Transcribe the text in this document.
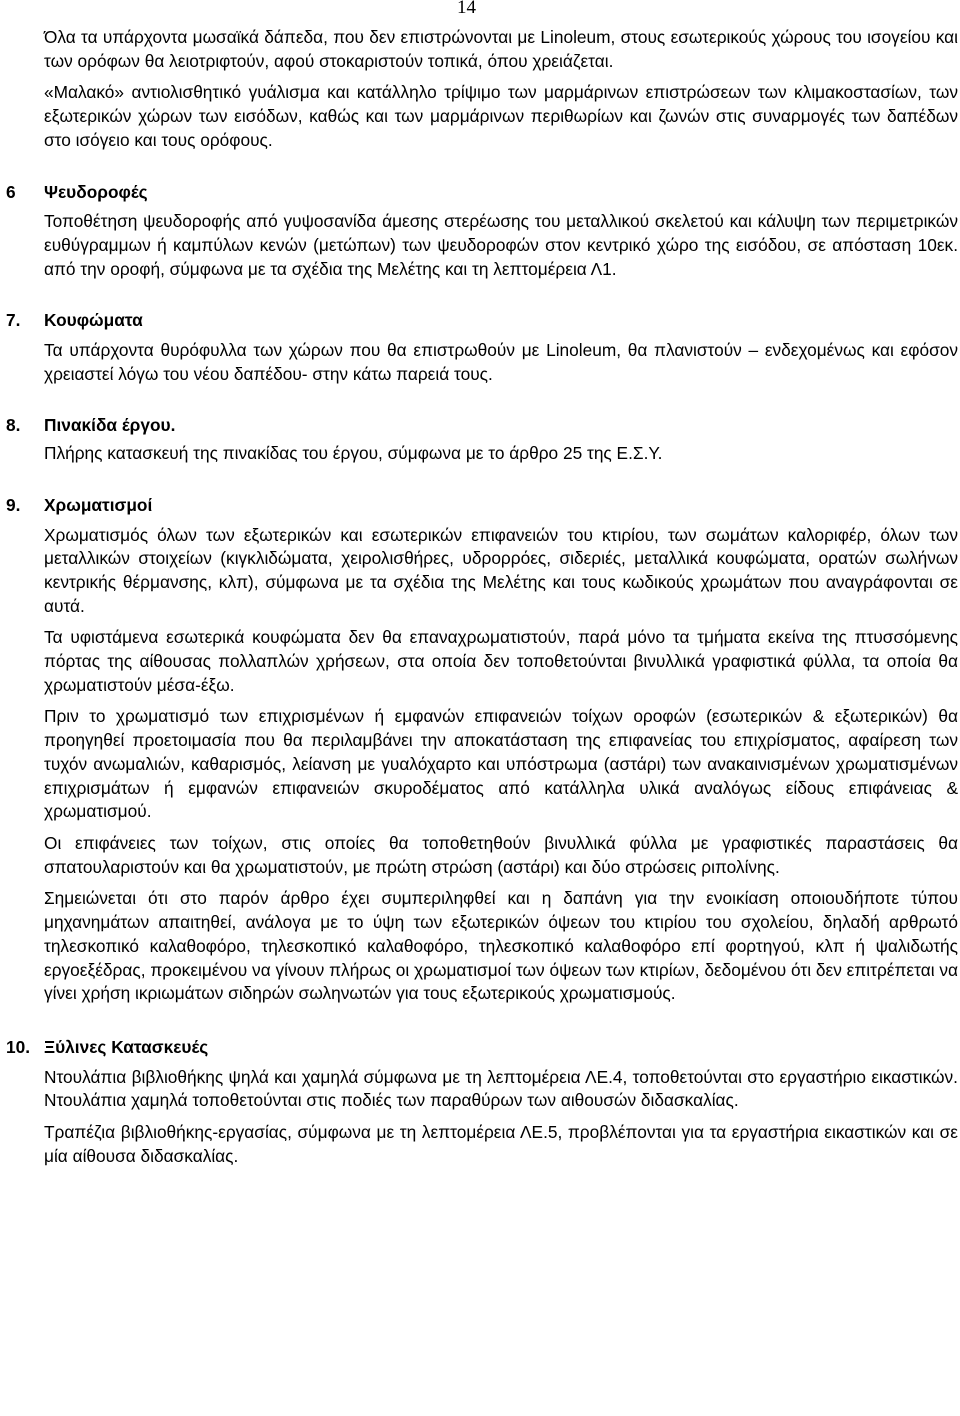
14

Όλα τα υπάρχοντα μωσαϊκά δάπεδα, που δεν επιστρώνονται με Linoleum, στους εσωτερικούς χώρους του ισογείου και των ορόφων θα λειοτριφτούν, αφού στοκαριστούν τοπικά, όπου χρειάζεται.

«Μαλακό» αντιολισθητικό γυάλισμα και κατάλληλο τρίψιμο των μαρμάρινων επιστρώσεων των κλιμακοστασίων, των εξωτερικών χώρων των εισόδων, καθώς και των μαρμάρινων περιθωρίων και ζωνών στις συναρμογές των δαπέδων στο ισόγειο και τους ορόφους.

6 Ψευδοροφές

Τοποθέτηση ψευδοροφής από γυψοσανίδα άμεσης στερέωσης του μεταλλικού σκελετού και κάλυψη των περιμετρικών ευθύγραμμων ή καμπύλων κενών (μετώπων) των ψευδοροφών στον κεντρικό χώρο της εισόδου, σε απόσταση 10εκ. από την οροφή, σύμφωνα με τα σχέδια της Μελέτης και τη λεπτομέρεια Λ1.

7. Κουφώματα

Τα υπάρχοντα θυρόφυλλα των χώρων που θα επιστρωθούν με Linoleum, θα πλανιστούν – ενδεχομένως και εφόσον χρειαστεί λόγω του νέου δαπέδου- στην κάτω παρειά τους.

8. Πινακίδα έργου.

Πλήρης κατασκευή της πινακίδας του έργου, σύμφωνα με το άρθρο 25 της Ε.Σ.Υ.

9. Χρωματισμοί

Χρωματισμός όλων των εξωτερικών και εσωτερικών επιφανειών του κτιρίου, των σωμάτων καλοριφέρ, όλων των μεταλλικών στοιχείων (κιγκλιδώματα, χειρολισθήρες, υδρορρόες, σιδεριές, μεταλλικά κουφώματα, ορατών σωλήνων κεντρικής θέρμανσης, κλπ), σύμφωνα με τα σχέδια της Μελέτης και τους κωδικούς χρωμάτων που αναγράφονται σε αυτά.

Τα υφιστάμενα εσωτερικά κουφώματα δεν θα επαναχρωματιστούν, παρά μόνο τα τμήματα εκείνα της πτυσσόμενης πόρτας της αίθουσας πολλαπλών χρήσεων, στα οποία δεν τοποθετούνται βινυλλικά γραφιστικά φύλλα, τα οποία θα χρωματιστούν μέσα-έξω.

Πριν το χρωματισμό των επιχρισμένων ή εμφανών επιφανειών τοίχων οροφών (εσωτερικών & εξωτερικών) θα προηγηθεί προετοιμασία που θα περιλαμβάνει την αποκατάσταση της επιφανείας του επιχρίσματος, αφαίρεση των τυχόν ανωμαλιών, καθαρισμός, λείανση με γυαλόχαρτο και υπόστρωμα (αστάρι) των ανακαινισμένων χρωματισμένων επιχρισμάτων ή εμφανών επιφανειών σκυροδέματος από κατάλληλα υλικά αναλόγως είδους επιφάνειας & χρωματισμού.

Οι επιφάνειες των τοίχων, στις οποίες θα τοποθετηθούν βινυλλικά φύλλα με γραφιστικές παραστάσεις θα σπατουλαριστούν και θα χρωματιστούν, με πρώτη στρώση (αστάρι) και δύο στρώσεις ριπολίνης.

Σημειώνεται ότι στο παρόν άρθρο έχει συμπεριληφθεί και η δαπάνη για την ενοικίαση οποιουδήποτε τύπου μηχανημάτων απαιτηθεί, ανάλογα με το ύψη των εξωτερικών όψεων του κτιρίου του σχολείου, δηλαδή αρθρωτό τηλεσκοπικό καλαθοφόρο, τηλεσκοπικό καλαθοφόρο, τηλεσκοπικό καλαθοφόρο επί φορτηγού, κλπ ή ψαλιδωτής εργοεξέδρας, προκειμένου να γίνουν πλήρως οι χρωματισμοί των όψεων των κτιρίων, δεδομένου ότι δεν επιτρέπεται να γίνει χρήση ικριωμάτων σιδηρών σωληνωτών για τους εξωτερικούς χρωματισμούς.

10. Ξύλινες Κατασκευές

Ντουλάπια βιβλιοθήκης ψηλά και χαμηλά σύμφωνα με τη λεπτομέρεια ΛΕ.4, τοποθετούνται στο εργαστήριο εικαστικών. Ντουλάπια χαμηλά τοποθετούνται στις ποδιές των παραθύρων των αιθουσών διδασκαλίας.

Τραπέζια βιβλιοθήκης-εργασίας, σύμφωνα με τη λεπτομέρεια ΛΕ.5, προβλέπονται για τα εργαστήρια εικαστικών και σε μία αίθουσα διδασκαλίας.
